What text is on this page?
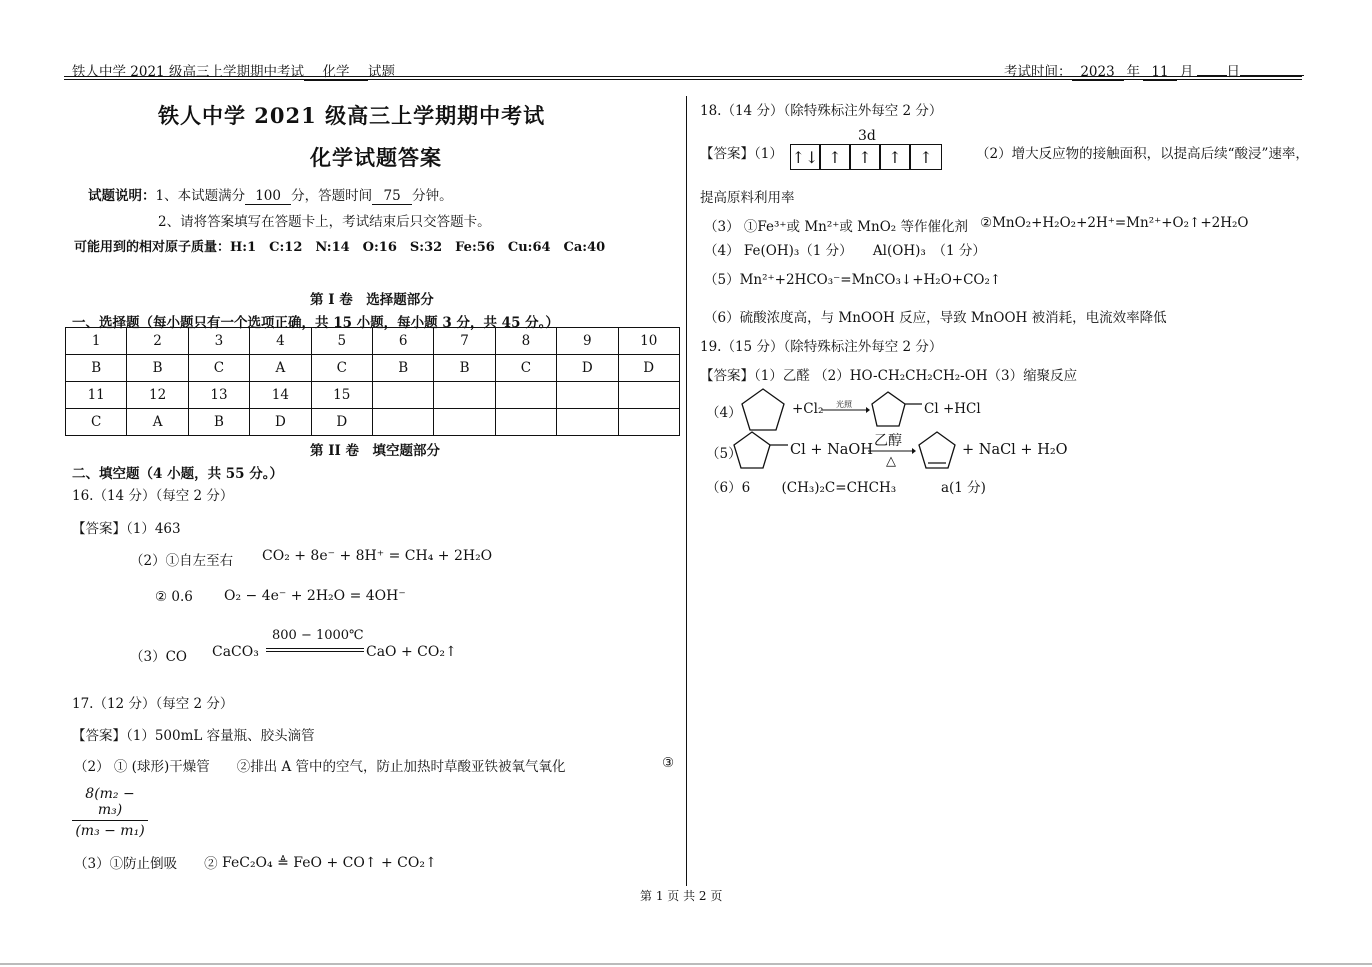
铁人中学 2021 级高三上学期期中考试 化学 试题	考试时间： 2023 年 11 月 日
铁人中学 2021 级高三上学期期中考试
化学试题答案
试题说明：1、本试题满分 100 分，答题时间 75 分钟。
2、请将答案填写在答题卡上，考试结束后只交答题卡。
可能用到的相对原子质量：H:1　C:12　N:14　O:16　S:32　Fe:56　Cu:64　Ca:40
第 I 卷　选择题部分
一、选择题（每小题只有一个选项正确，共 15 小题，每小题 3 分，共 45 分。）
1	2	3	4	5	6	7	8	9	10
B	B	C	A	C	B	B	C	D	D
11	12	13	14	15					
C	A	B	D	D					
第 II 卷　填空题部分
二、填空题（4 小题，共 55 分。）
16.（14 分）（每空 2 分）
【答案】（1）463
（2）①自左至右 CO₂ + 8e⁻ + 8H⁺ = CH₄ + 2H₂O
② 0.6 O₂ − 4e⁻ + 2H₂O = 4OH⁻
（3）CO CaCO₃
800 − 1000℃
CaO + CO₂↑
17.（12 分）（每空 2 分）
【答案】（1）500mL 容量瓶、胶头滴管
（2） ① (球形)干燥管　　②排出 A 管中的空气，防止加热时草酸亚铁被氧气氧化	③
8(m₂ − m₃)
(m₃ − m₁)
（3）①防止倒吸　　② FeC₂O₄ ≜ FeO + CO↑ + CO₂↑
18.（14 分）（除特殊标注外每空 2 分）
【答案】（1）
3d
↑↓ ↑	↑	↑	↑	（2）增大反应物的接触面积，以提高后续“酸浸”速率，
提高原料利用率
（3） ①Fe³⁺或 Mn²⁺或 MnO₂ 等作催化剂 ②MnO₂+H₂O₂+2H⁺=Mn²⁺+O₂↑+2H₂O
（4） Fe(OH)₃（1 分）　　Al(OH)₃　（1 分）
（5）Mn²⁺+2HCO₃⁻=MnCO₃↓+H₂O+CO₂↑
（6）硫酸浓度高，与 MnOOH 反应，导致 MnOOH 被消耗，电流效率降低
19.（15 分）（除特殊标注外每空 2 分）
【答案】（1）乙醛 （2）HO-CH₂CH₂CH₂-OH（3）缩聚反应
（4）	+Cl₂ 光照	Cl +HCl
（5）	Cl + NaOH
乙醇
△
+ NaCl + H₂O
（6）6　　 (CH₃)₂C=CHCH₃　　　 a(1 分)
第 1 页 共 2 页
